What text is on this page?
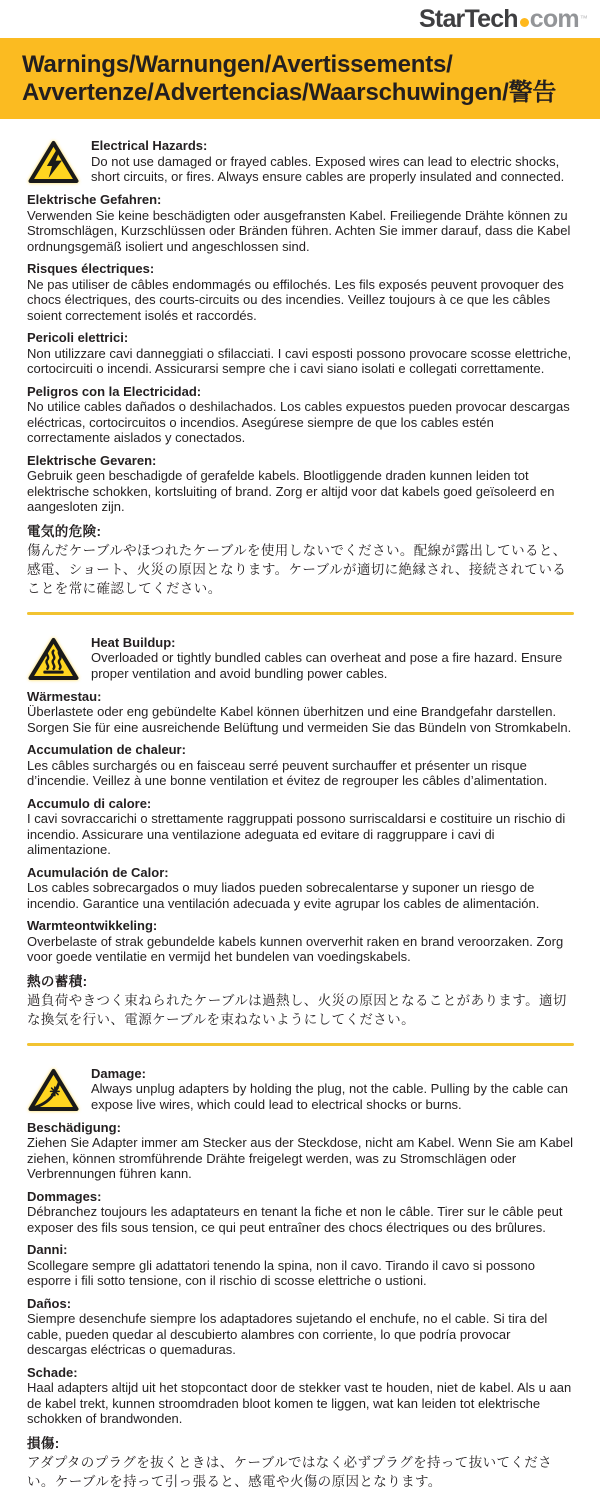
StarTech com™
Warnings/Warnungen/Avertissements/
Avvertenze/Advertencias/Waarschuwingen/警告
Electrical Hazards:
Do not use damaged or frayed cables. Exposed wires can lead to electric shocks, short circuits, or fires. Always ensure cables are properly insulated and connected.
Elektrische Gefahren:
Verwenden Sie keine beschädigten oder ausgefransten Kabel. Freiliegende Drähte können zu Stromschlägen, Kurzschlüssen oder Bränden führen. Achten Sie immer darauf, dass die Kabel ordnungsgemäß isoliert und angeschlossen sind.
Risques électriques:
Ne pas utiliser de câbles endommagés ou effilochés. Les fils exposés peuvent provoquer des chocs électriques, des courts-circuits ou des incendies. Veillez toujours à ce que les câbles soient correctement isolés et raccordés.
Pericoli elettrici:
Non utilizzare cavi danneggiati o sfilacciati. I cavi esposti possono provocare scosse elettriche, cortocircuiti o incendi. Assicurarsi sempre che i cavi siano isolati e collegati correttamente.
Peligros con la Electricidad:
No utilice cables dañados o deshilachados. Los cables expuestos pueden provocar descargas eléctricas, cortocircuitos o incendios. Asegúrese siempre de que los cables estén correctamente aislados y conectados.
Elektrische Gevaren:
Gebruik geen beschadigde of gerafelde kabels. Blootliggende draden kunnen leiden tot elektrische schokken, kortsluiting of brand. Zorg er altijd voor dat kabels goed geïsoleerd en aangesloten zijn.
電気的危険:
傷んだケーブルやほつれたケーブルを使用しないでください。配線が露出していると、感電、ショート、火災の原因となります。ケーブルが適切に絶縁され、接続されていることを常に確認してください。
Heat Buildup:
Overloaded or tightly bundled cables can overheat and pose a fire hazard. Ensure proper ventilation and avoid bundling power cables.
Wärmestau:
Überlastete oder eng gebündelte Kabel können überhitzen und eine Brandgefahr darstellen. Sorgen Sie für eine ausreichende Belüftung und vermeiden Sie das Bündeln von Stromkabeln.
Accumulation de chaleur:
Les câbles surchargés ou en faisceau serré peuvent surchauffer et présenter un risque d’incendie. Veillez à une bonne ventilation et évitez de regrouper les câbles d’alimentation.
Accumulo di calore:
I cavi sovraccarichi o strettamente raggruppati possono surriscaldarsi e costituire un rischio di incendio. Assicurare una ventilazione adeguata ed evitare di raggruppare i cavi di alimentazione.
Acumulación de Calor:
Los cables sobrecargados o muy liados pueden sobrecalentarse y suponer un riesgo de incendio. Garantice una ventilación adecuada y evite agrupar los cables de alimentación.
Warmteontwikkeling:
Overbelaste of strak gebundelde kabels kunnen oververhit raken en brand veroorzaken. Zorg voor goede ventilatie en vermijd het bundelen van voedingskabels.
熱の蓄積:
過負荷やきつく束ねられたケーブルは過熱し、火災の原因となることがあります。適切な換気を行い、電源ケーブルを束ねないようにしてください。
Damage:
Always unplug adapters by holding the plug, not the cable. Pulling by the cable can expose live wires, which could lead to electrical shocks or burns.
Beschädigung:
Ziehen Sie Adapter immer am Stecker aus der Steckdose, nicht am Kabel. Wenn Sie am Kabel ziehen, können stromführende Drähte freigelegt werden, was zu Stromschlägen oder Verbrennungen führen kann.
Dommages:
Débranchez toujours les adaptateurs en tenant la fiche et non le câble. Tirer sur le câble peut exposer des fils sous tension, ce qui peut entraîner des chocs électriques ou des brûlures.
Danni:
Scollegare sempre gli adattatori tenendo la spina, non il cavo. Tirando il cavo si possono esporre i fili sotto tensione, con il rischio di scosse elettriche o ustioni.
Daños:
Siempre desenchufe siempre los adaptadores sujetando el enchufe, no el cable. Si tira del cable, pueden quedar al descubierto alambres con corriente, lo que podría provocar descargas eléctricas o quemaduras.
Schade:
Haal adapters altijd uit het stopcontact door de stekker vast te houden, niet de kabel. Als u aan de kabel trekt, kunnen stroomdraden bloot komen te liggen, wat kan leiden tot elektrische schokken of brandwonden.
損傷:
アダプタのプラグを抜くときは、ケーブルではなく必ずプラグを持って抜いてください。ケーブルを持って引っ張ると、感電や火傷の原因となります。
